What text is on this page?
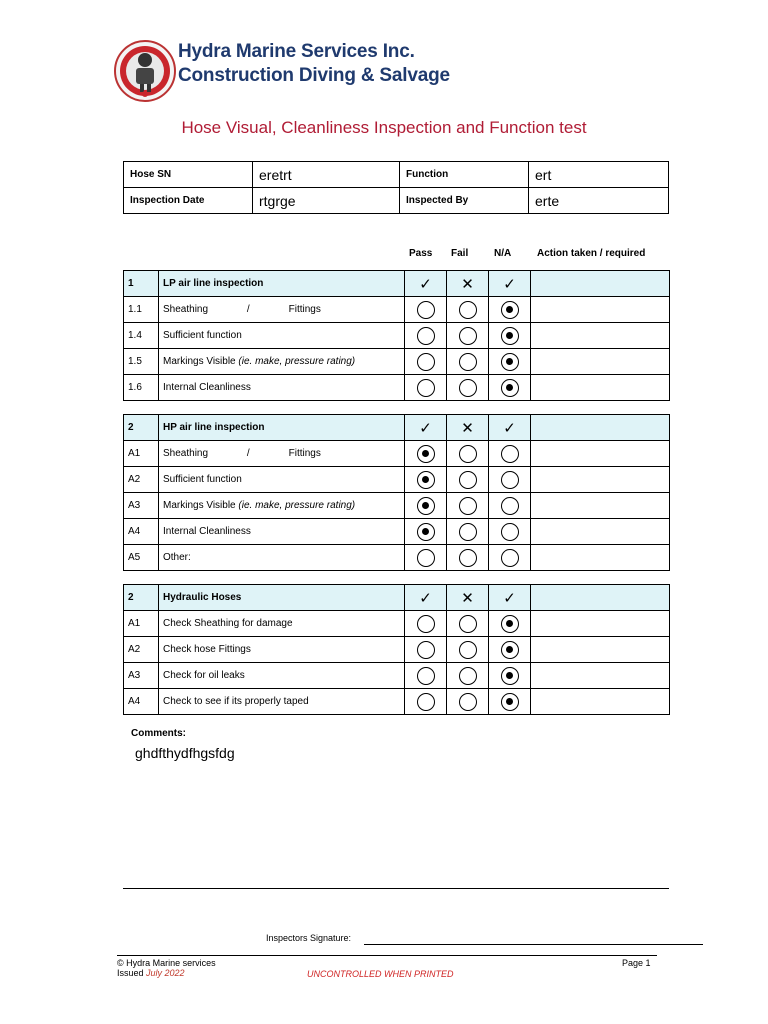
Hydra Marine Services Inc.
Construction Diving & Salvage
Hose Visual, Cleanliness Inspection and Function test
Hose SN	eretrt	Function	ert
Inspection Date	rtgrge	Inspected By	erte
Pass Fail	N/A	Action taken / required
1	LP air line inspection	✓	✕	✓	
1.1	Sheathing              /              Fittings				
1.4	Sufficient function				
1.5	Markings Visible (ie. make, pressure rating)				
1.6	Internal Cleanliness				
2	HP air line inspection	✓	✕	✓	
A1	Sheathing              /              Fittings				
A2	Sufficient function				
A3	Markings Visible (ie. make, pressure rating)				
A4	Internal Cleanliness				
A5	Other:				
2	Hydraulic Hoses	✓	✕	✓	
A1	Check Sheathing for damage				
A2	Check hose Fittings				
A3	Check for oil leaks				
A4	Check to see if its properly taped				
Comments:
ghdfthydfhgsfdg
Inspectors Signature:
© Hydra Marine services
Issued July 2022	UNCONTROLLED WHEN PRINTED
Page 1
